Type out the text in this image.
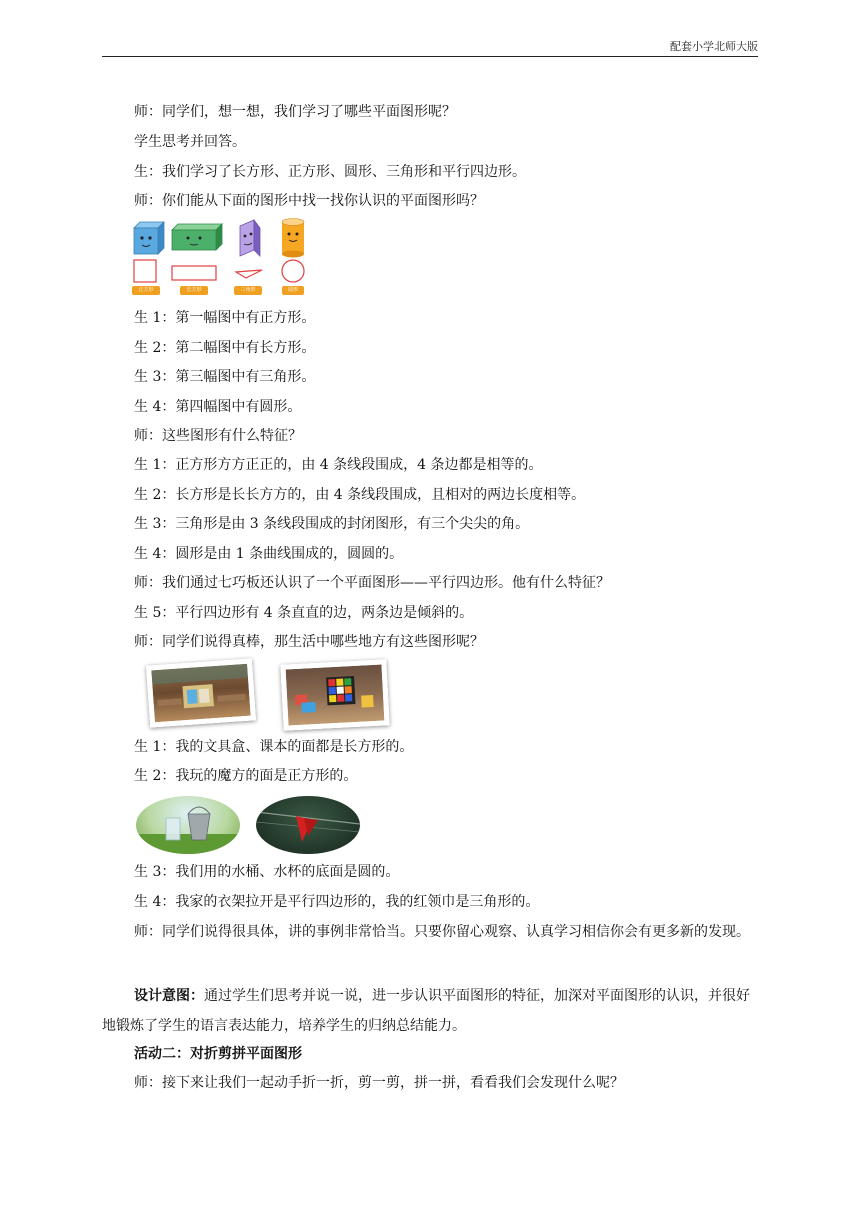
配套小学北师大版
师：同学们，想一想，我们学习了哪些平面图形呢？
学生思考并回答。
生：我们学习了长方形、正方形、圆形、三角形和平行四边形。
师：你们能从下面的图形中找一找你认识的平面图形吗？
正方形	长方形	三角形	圆形
生 1：第一幅图中有正方形。
生 2：第二幅图中有长方形。
生 3：第三幅图中有三角形。
生 4：第四幅图中有圆形。
师：这些图形有什么特征？
生 1：正方形方方正正的，由 4 条线段围成，4 条边都是相等的。
生 2：长方形是长长方方的，由 4 条线段围成，且相对的两边长度相等。
生 3：三角形是由 3 条线段围成的封闭图形，有三个尖尖的角。
生 4：圆形是由 1 条曲线围成的，圆圆的。
师：我们通过七巧板还认识了一个平面图形——平行四边形。他有什么特征？
生 5：平行四边形有 4 条直直的边，两条边是倾斜的。
师：同学们说得真棒，那生活中哪些地方有这些图形呢？
生 1：我的文具盒、课本的面都是长方形的。
生 2：我玩的魔方的面是正方形的。
生 3：我们用的水桶、水杯的底面是圆的。
生 4：我家的衣架拉开是平行四边形的，我的红领巾是三角形的。
师：同学们说得很具体，讲的事例非常恰当。只要你留心观察、认真学习相信你会有更多新的发现。
设计意图：通过学生们思考并说一说，进一步认识平面图形的特征，加深对平面图形的认识，并很好地锻炼了学生的语言表达能力，培养学生的归纳总结能力。
活动二：对折剪拼平面图形
师：接下来让我们一起动手折一折，剪一剪，拼一拼，看看我们会发现什么呢？
